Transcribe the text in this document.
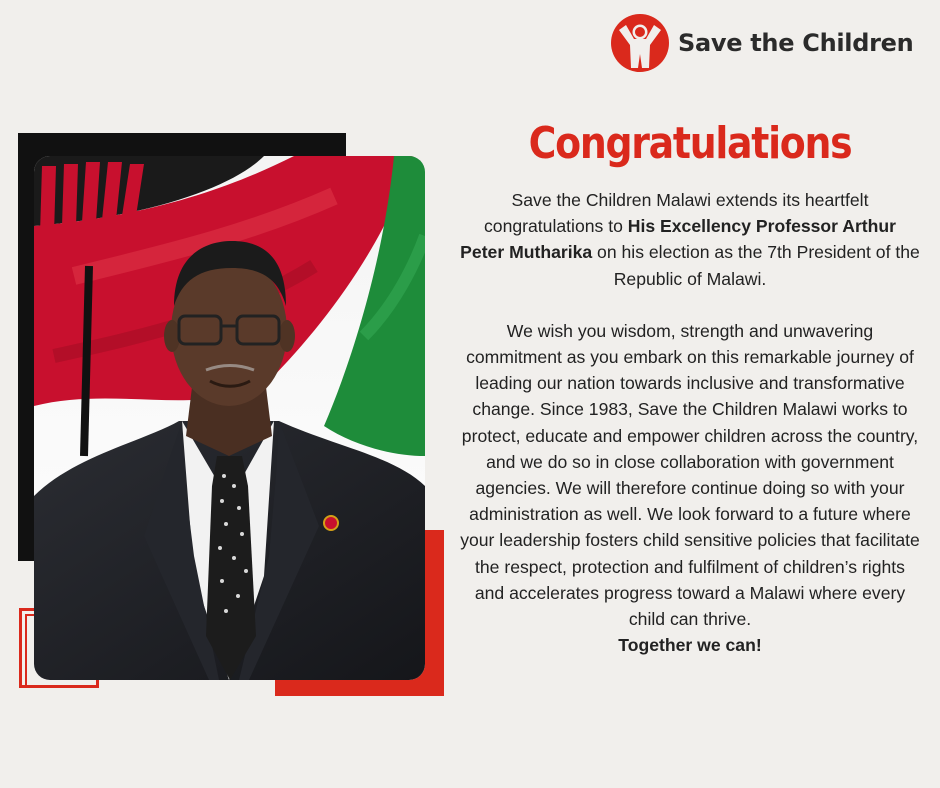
Save the Children
Congratulations

Save the Children Malawi extends its heartfelt congratulations to His Excellency Professor Arthur Peter Mutharika on his election as the 7th President of the Republic of Malawi.

We wish you wisdom, strength and unwavering commitment as you embark on this remarkable journey of leading our nation towards inclusive and transformative change. Since 1983, Save the Children Malawi works to protect, educate and empower children across the country, and we do so in close collaboration with government agencies. We will therefore continue doing so with your administration as well. We look forward to a future where your leadership fosters child sensitive policies that facilitate the respect, protection and fulfilment of children’s rights and accelerates progress toward a Malawi where every child can thrive.
Together we can!
